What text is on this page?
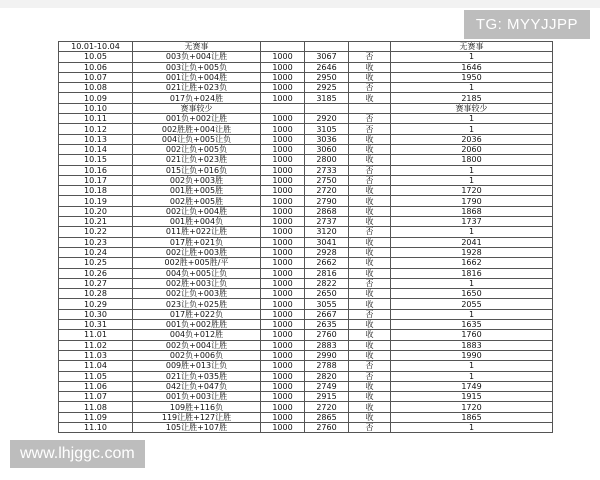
10.01-10.04	无赛事				无赛事
10.05	003负+004让胜	1000	3067	否	1
10.06	003让负+005负	1000	2646	收	1646
10.07	001让负+004胜	1000	2950	收	1950
10.08	021让胜+023负	1000	2925	否	1
10.09	017负+024胜	1000	3185	收	2185
10.10	赛事较少				赛事较少
10.11	001负+002让胜	1000	2920	否	1
10.12	002胜胜+004让胜	1000	3105	否	1
10.13	004让负+005让负	1000	3036	收	2036
10.14	002让负+005负	1000	3060	收	2060
10.15	021让负+023胜	1000	2800	收	1800
10.16	015让负+016负	1000	2733	否	1
10.17	002负+003胜	1000	2750	否	1
10.18	001胜+005胜	1000	2720	收	1720
10.19	002胜+005胜	1000	2790	收	1790
10.20	002让负+004胜	1000	2868	收	1868
10.21	001胜+004负	1000	2737	收	1737
10.22	011胜+022让胜	1000	3120	否	1
10.23	017胜+021负	1000	3041	收	2041
10.24	002让胜+003胜	1000	2928	收	1928
10.25	002胜+005胜/平	1000	2662	收	1662
10.26	004负+005让负	1000	2816	收	1816
10.27	002胜+003让负	1000	2822	否	1
10.28	002让负+003胜	1000	2650	收	1650
10.29	023让负+025胜	1000	3055	收	2055
10.30	017胜+022负	1000	2667	否	1
10.31	001负+002胜胜	1000	2635	收	1635
11.01	004负+012胜	1000	2760	收	1760
11.02	002负+004让胜	1000	2883	收	1883
11.03	002负+006负	1000	2990	收	1990
11.04	009胜+013让负	1000	2788	否	1
11.05	021让负+035胜	1000	2820	否	1
11.06	042让负+047负	1000	2749	收	1749
11.07	001负+003让胜	1000	2915	收	1915
11.08	109胜+116负	1000	2720	收	1720
11.09	119让胜+127让胜	1000	2865	收	1865
11.10	105让胜+107胜	1000	2760	否	1
TG: MYYJJPP
www.lhjggc.com
